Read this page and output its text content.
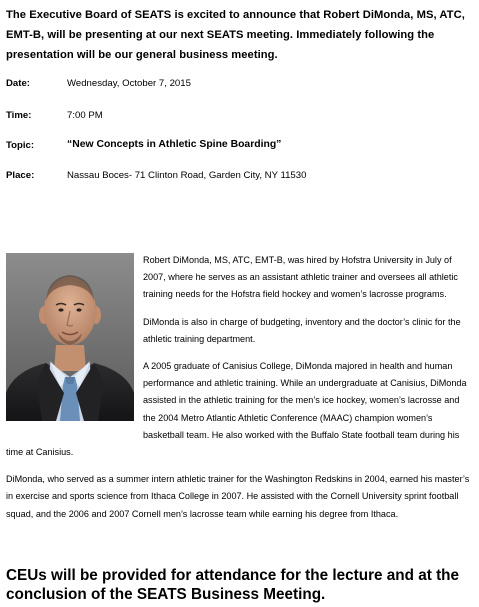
The Executive Board of SEATS is excited to announce that Robert DiMonda, MS, ATC, EMT-B, will be presenting at our next SEATS meeting. Immediately following the presentation will be our general business meeting.

Date:	Wednesday, October 7, 2015
Time:	7:00 PM
Topic:	“New Concepts in Athletic Spine Boarding”
Place:	Nassau Boces- 71 Clinton Road, Garden City, NY 11530

Robert DiMonda, MS, ATC, EMT-B, was hired by Hofstra University in July of 2007, where he serves as an assistant athletic trainer and oversees all athletic training needs for the Hofstra field hockey and women’s lacrosse programs.

DiMonda is also in charge of budgeting, inventory and the doctor’s clinic for the athletic training department.

A 2005 graduate of Canisius College, DiMonda majored in health and human performance and athletic training. While an undergraduate at Canisius, DiMonda assisted in the athletic training for the men’s ice hockey, women’s lacrosse and the 2004 Metro Atlantic Athletic Conference (MAAC) champion women’s basketball team. He also worked with the Buffalo State football team during his time at Canisius.

DiMonda, who served as a summer intern athletic trainer for the Washington Redskins in 2004, earned his master’s in exercise and sports science from Ithaca College in 2007. He assisted with the Cornell University sprint football squad, and the 2006 and 2007 Cornell men’s lacrosse team while earning his degree from Ithaca.

CEUs will be provided for attendance for the lecture and at the conclusion of the SEATS Business Meeting.
